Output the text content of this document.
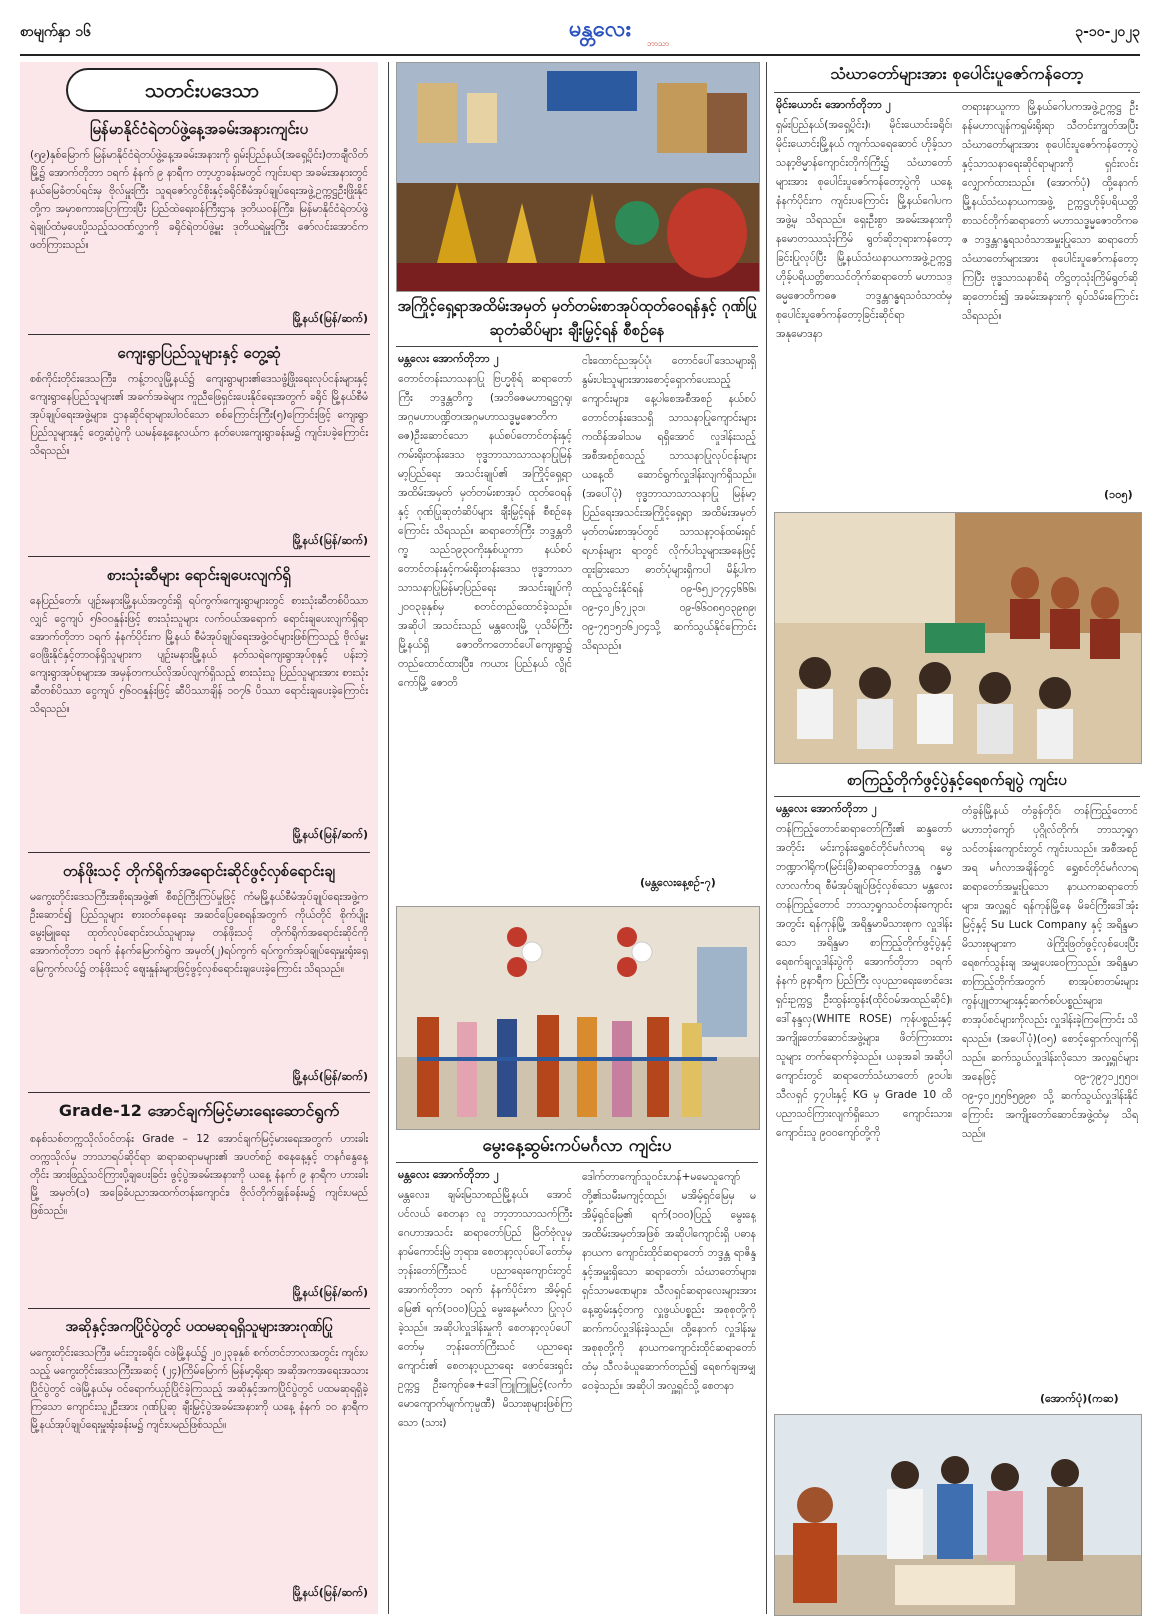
စာမျက်နှာ ၁၆	မန္တလေး
ဘာသာ
၃-၁၀-၂၀၂၃
သတင်းပဒေသာ
မြန်မာနိုင်ငံရဲတပ်ဖွဲ့နေ့အခမ်းအနားကျင်းပ
(၅၉)နှစ်မြောက် မြန်မာနိုင်ငံရဲတပ်ဖွဲ့နေ့အခမ်းအနားကို ရှမ်းပြည်နယ်(အရှေ့ပိုင်း)တာချီလိတ်မြို့၌ အောက်တိုဘာ ၁ရက် နံနက် ၉ နာရီက တာ့ဟွာခန်းမတွင် ကျင်းပရာ အခမ်းအနားတွင် နယ်မြေခံတပ်ရင်းမှ ဗိုလ်မှူးကြီး သူရဇော်လွင်စိုးနှင့်ခရိုင်စီမံအုပ်ချုပ်ရေးအဖွဲ့ဥက္ကဋ္ဌဦးဖြိုးနိုင်တို့က အမှာစကားပြောကြားပြီး ပြည်ထဲရေးဝန်ကြီးဌာန ဒုတိယဝန်ကြီး၊ မြန်မာနိုင်ငံရဲတပ်ဖွဲ့ ရဲချုပ်ထံမှပေးပို့သည့်သဝဏ်လွှာကို ခရိုင်ရဲတပ်ဖွဲ့မှူး ဒုတိယရဲမှူးကြီး ဇော်လင်းအောင်က ဖတ်ကြားသည်။
မြို့နယ်(မြန်/ဆက်)
ကျေးရွာပြည်သူများနှင့် တွေ့ဆုံ
စစ်ကိုင်းတိုင်းဒေသကြီး၊ ကန့်ဘလူမြို့နယ်၌ ကျေးရွာများ၏ဒေသဖွံ့ဖြိုးရေးလုပ်ငန်းများနှင့် ကျေးရွာနေပြည်သူများ၏ အခက်အခဲများ ကူညီဖြေရှင်းပေးနိုင်ရေးအတွက် ခရိုင် မြို့နယ်စီမံအုပ်ချုပ်ရေးအဖွဲ့များ၊ ဌာနဆိုင်ရာများပါဝင်သော စစ်ကြောင်းကြီး(၅)ကြောင်းဖြင့် ကျေးရွာပြည်သူများနှင့် တွေ့ဆုံပွဲကို ယမန်နေ့နေ့လယ်က နတ်ပေးကျေးရွာခန်းမ၌ ကျင်းပခဲ့ကြောင်း သိရသည်။
မြို့နယ်(မြန်/ဆက်)
စားသုံးဆီများ ရောင်းချပေးလျက်ရှိ
နေပြည်တော်၊ ပျဉ်းမနားမြို့နယ်အတွင်းရှိ ရပ်ကွက်၊ကျေးရွာများတွင် စားသုံးဆီတစ်ပိဿာလျှင် ငွေကျပ် ၅၆၀၀နှုန်းဖြင့် စားသုံးသူများ လက်ဝယ်အရောက် ရောင်းချပေးလျက်ရှိရာ အောက်တိုဘာ ၁ရက် နံနက်ပိုင်းက မြို့နယ် စီမံအုပ်ချုပ်ရေးအဖွဲ့ဝင်များဖြစ်ကြသည့် ဗိုလ်မှူးဝေဖြိုးနိုင်နှင့်တာဝန်ရှိသူများက ပျဉ်းမနားမြို့နယ် နတ်သရဲကျေးရွာအုပ်စုနှင့် ပန်းဘဲ့ကျေးရွာအုပ်စုများအ အမှန်တကယ်လိုအပ်လျက်ရှိသည့် စားသုံးသူ ပြည်သူများအား စားသုံးဆီတစ်ပိဿာ ငွေကျပ် ၅၆၀၀နှုန်းဖြင့် ဆီပိဿာချိန် ၁၀၇၆ ပိဿာ ရောင်းချပေးခဲ့ကြောင်း သိရသည်။
မြို့နယ်(မြန်/ဆက်)
တန်ဖိုးသင့် တိုက်ရိုက်အရောင်းဆိုင်ဖွင့်လှစ်ရောင်းချ
မကွေးတိုင်းဒေသကြီးအစိုးရအဖွဲ့၏ စီစဉ်ကြီးကြပ်မှုဖြင့် ကံမမြို့နယ်စီမံအုပ်ချုပ်ရေးအဖွဲ့က ဦးဆောင်၍ ပြည်သူများ စားဝတ်နေရေး အဆင်ပြေစေရန်အတွက် ကိုယ်တိုင် စိုက်ပျိုးမွေးမြူရေး ထုတ်လုပ်ရောင်းဝယ်သူများမှ တန်ဖိုးသင့် တိုက်ရိုက်အရောင်းဆိုင်ကို အောက်တိုဘာ ၁ရက် နံနက်မြောက်ရွဲက အမှတ်(၂)ရပ်ကွက် ရပ်ကွက်အုပ်ချုပ်ရေးမှူးရုံးရှေ့ မြေကွက်လပ်၌ တန်ဖိုးသင့် ဈေးနှုန်းများဖြင့်ဖွင့်လှစ်ရောင်းချပေးခဲ့ကြောင်း သိရသည်။
မြို့နယ်(မြန်/ဆက်)
Grade-12 အောင်ချက်မြင့်မားရေးဆောင်ရွက်
စနစ်သစ်တက္ကသိုလ်ဝင်တန်း Grade – 12 အောင်ချက်မြင့်မားရေးအတွက် ဟားခါးတက္ကသိုလ်မှ ဘာသာရပ်ဆိုင်ရာ ဆရာဆရာမများ၏ အပတ်စဉ် စနေနေ့နှင့် တနင်္ဂနွေနေ့တိုင်း အားဖြည့်သင်ကြားပို့ချပေးခြင်း ဖွင့်ပွဲအခမ်းအနားကို ယနေ့ နံနက် ၉ နာရီက ဟားခါးမြို့ အမှတ်(၁) အခြေခံပညာအထက်တန်းကျောင်း၊ ဗိုလ်တိုက်ချွန်ခန်းမ၌ ကျင်းပမည်ဖြစ်သည်။
မြို့နယ်(မြန်/ဆက်)
အဆိုနှင့်အကပြိုင်ပွဲတွင် ပထမဆုရရှိသူများအားဂုဏ်ပြု
မကွေးတိုင်းဒေသကြီး၊ မင်းဘူးခရိုင်၊ ငဖဲမြို့နယ်၌ ၂၀၂၃ခုနှစ် စက်တင်ဘာလအတွင်း ကျင်းပသည့် မကွေးတိုင်းဒေသကြီးအဆင့် (၂၄)ကြိမ်မြောက် မြန်မာ့ရိုးရာ အဆိုအကအရေးအသားပြိုင်ပွဲတွင် ငဖဲမြို့နယ်မှ ဝင်ရောက်ယှဉ်ပြိုင်ခဲ့ကြသည့် အဆိုနှင့်အကပြိုင်ပွဲတွင် ပထမဆုရရှိခဲ့ကြသော ကျောင်းသူ၂ဦးအား ဂုဏ်ပြုဆု ချီးမြှင့်ပွဲအခမ်းအနားကို ယနေ့ နံနက် ၁၀ နာရီက မြို့နယ်အုပ်ချုပ်ရေးမှူးရုံးခန်းမ၌ ကျင်းပမည်ဖြစ်သည်။
မြို့နယ်(မြန်/ဆက်)
အကြိုင့်ရှေ့ရာအထိမ်းအမှတ် မှတ်တမ်းစာအုပ်ထုတ်ဝေရန်နှင့် ဂုဏ်ပြုဆုတံဆိပ်များ ချီးမြှင့်ရန် စီစဉ်နေ
မန္တလေး အောက်တိုဘာ ၂
တောင်တန်းသာသနာပြု ဗြဟ္မစိုရ် ဆရာတော်ကြီး ဘဒ္ဒန္တတိက္ခ (အဘိဓဇမဟာရဋ္ဌဂုရု၊ အဂ္ဂမဟာပဏ္ဍိတ၊အဂ္ဂမဟာသဒ္ဓမ္မဇောတိက ဓဇ)ဦးဆောင်သော နယ်စပ်တောင်တန်းနှင့်ကမ်းရိုးတန်းဒေသ ဗုဒ္ဓဘာသာသာသနာပြုမြန်မာ့ပြည်ရေး အသင်းချုပ်၏ အကြိုင့်ရှေ့ရာ အထိမ်းအမှတ် မှတ်တမ်းစာအုပ် ထုတ်ဝေရန်နှင့် ဂုဏ်ပြုဆုတံဆိပ်များ ချီးမြှင့်ရန် စီစဉ်နေကြောင်း သိရသည်။ ဆရာတော်ကြီး ဘဒ္ဒန္တတိက္ခ သည်၁၉၃၀ကိုးနှစ်ယူကာ နယ်စပ်တောင်တန်းနှင့်ကမ်းရိုးတန်းဒေသ ဗုဒ္ဓဘာသာ သာသနာပြုမြန်မာ့ပြည်ရေး အသင်းချုပ်ကို ၂၀၀၃ခုနှစ်မှ စတင်တည်ထောင်ခဲ့သည်။ အဆိုပါ အသင်းသည် မန္တလေးမြို့ ပုသိမ်ကြီးမြို့နယ်ရှိ ဇောတိကတောင်ပေါ်ကျေးရွာ၌ တည်ထောင်ထားပြီး၊ ကယား ပြည်နယ် လွိုင်ကော်မြို့ ဇောတိ
ငါးထောင်ညအုပ်ပုံ၊ တောင်ပေါ်ဒေသများရှိ နွမ်းပါးသူများအားစောင့်ရှောက်ပေးသည့်ကျောင်းများ၊ နေ့ပါစေအစီအစဉ် နယ်စပ်တောင်တန်းဒေသရှိ သာသနာပြုကျောင်းများ ကထိန်အခါသမ ရရှိအောင် လှုဒါန်းသည့်အစီအစဉ်စသည့် သာသနာပြုလုပ်ငန်းများ ယနေ့ထိ ဆောင်ရွက်လှူဒါန်းလျက်ရှိသည်။ (အပေါ်ပုံ) ဗုဒ္ဓဘာသာသာသနာပြု မြန်မာ့ပြည်ရေးအသင်းအကြိုင့်ရှေ့ရာ အထိမ်းအမှတ် မှတ်တမ်းစာအုပ်တွင် သာသနာ့ဝန်ထမ်းရှင်ရဟန်းများ ရာတွင် လိုက်ပါသူများအနေဖြင့် ထူးခြားသော ဓာတ်ပုံများရှိကပါ မိန့်ပါက ထည့်သွင်းနိုင်ရန် ၀၉-၆၅၂၀၇၄၄၆၆၆၊ ၀၉-၄၀၂၆၇၂၃၁၊ ၀၉-၆၆၀၈၅၀၃၉၈၉၊ ၀၉-၇၅၁၅၁၆၂၀၄သို့ ဆက်သွယ်နိုင်ကြောင်း သိရသည်။
(မန္တလေးနေ့စဉ်-၇)
မွေးနေ့ဆွမ်းကပ်မင်္ဂလာ ကျင်းပ
မန္တလေး အောက်တိုဘာ ၂
မန္တလေး၊ ချမ်းမြသာစည်မြို့နယ်၊ အောင်ပင်လယ် စေတနာ လူ ဘာ့ဘာသာသက်ကြီးဂေဟာအသင်း ဆရာတော်ပြည် မြိတ်ဗုံလူမှနာမ်ကောင်းမြဲ ဘုရား၊ စေတနာ့လုပ်ပေါ်တော်မှ ဘုန်းတော်ကြီးသင် ပညာရေးကျောင်းတွင် အောက်တိုဘာ ၁ရက် နံနက်ပိုင်းက အိမ့်ရှင်မြေ၏ ရက်(၁၀၀)ပြည့် မွေးနေ့မင်္ဂလာ ပြုလုပ်ခဲ့သည်။ အဆိုပါလှူဒါန်းမှုကို စေတနာ့လုပ်ပေါ်တော်မှ ဘုန်းတော်ကြီးသင် ပညာရေးကျောင်း၏ စေတနာ့ပညာရေး ဖောင်ဒေးရှင်းဥက္ကဋ္ဌ ဦးကျော်ဇေ+ဒေါ်ကြူကြူမြင့်(လင်္ကာမောကျောက်မျက်ကုမ္ပဏီ) မိသားစုများဖြစ်ကြသော (သား)
ဒေါက်တာကျော်သူဝင်းဟန်+မမေသူကျော်တို့၏သမီးမကျင့်ထည်၊ မအိမ့်ရှင်မြေမှ မအိမ့်ရှင်မြေ၏ ရက်(၁၀၀)ပြည့် မွေးနေ့ အထိမ်းအမှတ်အဖြစ် အဆိုပါကျောင်းရှိ ပဓာနနာယက ကျောင်းထိုင်ဆရာတော် ဘဒ္ဒန္တ ရာဇိန္ဒနှင့်အမှူးရှိသော ဆရာတော်၊ သံဃာတော်များ၊ ရှင်သာမဏေများ၊ သီလရှင်ဆရာလေးများအား နေ့ဆွမ်းနှင့်တကွ လှူဖွယ်ပစ္စည်း အစုစုတို့ကို ဆက်ကပ်လှူဒါန်းခဲ့သည်။ ထို့နောက် လှူဒါန်းမှုအစုစုတို့ကို နာယကကျောင်းထိုင်ဆရာတော်ထံမှ သီလခံယူဆောက်တည်၍ ရေစက်ချအမျှဝေခဲ့သည်။ အဆိုပါ အလှူ့ရှင်သို့ စေတနာ
သံဃာတော်များအား စုပေါင်းပူဇော်ကန်တော့
မိုင်းယောင်း အောက်တိုဘာ ၂
ရှမ်းပြည်နယ်(အရှေ့ပိုင်း)၊ မိုင်းယောင်းခရိုင်၊ မိုင်းယောင်းမြို့နယ် ကျက်သရေဆောင် ဟိုခ့်သာသနာ့ဗိမ္မာန်ကျောင်းတိုက်ကြီး၌ သံဃာတော်များအား စုပေါင်းပူဇော်ကန်တော့ပွဲကို ယနေ့နံနက်ပိုင်းက ကျင်းပကြောင်း မြို့နယ်ဂေါပကအဖွဲ့မှ သိရသည်။ ရှေးဦးစွာ အခမ်းအနားကို နမောတဿသုံးကြိမ် ရွတ်ဆိုဘုရားကန်တော့ခြင်းပြုလုပ်ပြီး မြို့နယ်သံဃနာယကအဖွဲ့ဥက္ကဋ္ဌ ဟိုခ့်ပရိယတ္တိစာသင်တိုက်ဆရာတော် မဟာသဒ္ဓမ္မဇောတိကဓဇ ဘဒ္ဒန္တဂန္ဓရသဝံသာထံမှ စုပေါင်းပူဇော်ကန်တော့ခြင်းဆိုင်ရာ အနုမောဒနာ
တရားနာယူကာ မြို့နယ်ဂေါပကအဖွဲ့ဥက္ကဋ္ဌ ဦးနန်မဟာလျန်ကရှမ်းရိုးရာ သီတင်းကျွတ်အပြီးသံဃာတော်များအား စုပေါင်းပူဇော်ကန်တော့ပွဲနှင့်သာသနာရေးဆိုင်ရာများကို ရှင်းလင်းလျှောက်ထားသည်။ (အောက်ပုံ) ထို့နောက် မြို့နယ်သံဃနာယကအဖွဲ့ ဥက္ကဋ္ဌဟိုခ့်ပရိယတ္တိစာသင်တိုက်ဆရာတော် မဟာသဒ္ဓမ္မဇောတိကဓဇ ဘဒ္ဒန္တဂန္ဓရသဝံသာအမှူးပြုသော ဆရာတော်သံဃာတော်များအား စုပေါင်းပူဇော်ကန်တော့ကြပြီး ဗုဒ္ဓသာသနာစိရံ တိဋ္ဌတုသုံးကြိမ်ရွတ်ဆိုဆုတောင်း၍ အခမ်းအနားကို ရုပ်သိမ်းကြောင်း သိရသည်။
(၁၀၅)
စာကြည့်တိုက်ဖွင့်ပွဲနှင့်ရေစက်ချပွဲ ကျင်းပ
မန္တလေး အောက်တိုဘာ ၂
တန်ကြည့်တောင်ဆရာတော်ကြီး၏ ဆန္ဒတော်အတိုင်း မင်းကွန်းရွှေစင်တိုင်မင်္ဂလာရ မွေ့ဘဏ္ဍာဂါရိုက(မြင်းခြံ)ဆရာတော်ဘဒ္ဒန္တ ဂန္ဓမာလာလင်္ကာရ စီမံအုပ်ချုပ်ဖြင့်လှစ်သော မန္တလေးတန်ကြည့်တောင် ဘာသာ့ရှုဂသင်တန်းကျောင်းအတွင်း ရန်ကုန်မြို့ အရိန္ဒမာမိသားစုက လှူဒါန်းသော အရိန္ဒမာ စာကြည့်တိုက်ဖွင့်ပွဲနှင့် ရေစက်ချလှူဒါန်းပွဲကို အောက်တိုဘာ ၁ရက် နံနက် ၉နာရီက ပြည်ကြီး လုပညာရေးဖောင်ဒေးရှင်းဥက္ကဋ္ဌ ဦးထွန်းထွန်း(ထိုင်ဝမ်အထည်ဆိုင်)၊ ဒေါ်နန္ဒလှ(WHITE ROSE) ကုန်ပစ္စည်းနှင့်အကျိုးတော်ဆောင်အဖွဲ့များ၊ ဖိတ်ကြားထားသူများ တက်ရောက်ခဲ့သည်။ ယခုအခါ အဆိုပါကျောင်းတွင် ဆရာတော်သံဃာတော် ၉၁ပါး၊ သီလရှင် ၄၇ပါးနှင့် KG မှ Grade 10 ထိပညာသင်ကြားလျက်ရှိသော ကျောင်းသား၊ ကျောင်းသူ ၉၀၀ကျော်တို့ကို
တံခွန်မြို့နယ် တံခွန်တိုင်၊ တန်ကြည့်တောင်မဟာဘုံကျော် ပုဂ္ဂိုလ်တိုက်၊ ဘာသာ့ရှုဂသင်တန်းကျောင်းတွင် ကျင်းပသည်။ အစီအစဉ်အရ မင်္ဂလာအချိန်တွင် ရွှေစင်တိုင်မင်္ဂလာရဆရာတော်အမှူးပြုသော နာယကဆရာတော်များ၊ အလှူ့ရှင် ရန်ကုန်မြို့နေ မိခင်ကြီးဒေါ်အုံးမြင့်နှင့် Su Luck Company နှင့် အရိန္ဒမာမိသားစုများက ဖဲကြိုးဖြတ်ဖွင့်လှစ်ပေးပြီး ရေစက်သွန်းချ အမျှပေးဝေကြသည်။ အရိန္ဒမာစာကြည့်တိုက်အတွက် စာအုပ်စာတမ်းများ ကွန်ပျူတာများနှင့်ဆက်စပ်ပစ္စည်းများ၊ စာအုပ်စင်များကိုလည်း လှူဒါန်းခဲ့ကြကြောင်း သိရသည်။ (အပေါ်ပုံ)(ဝ၅) စောင့်ရှောက်လျက်ရှိသည်။ ဆက်သွယ်လှူဒါန်းလိုသော အလှူ့ရှင်များအနေဖြင့် ၀၉-၇၉၇၁၂၅၅၀၊ ၀၉-၄၀၂၅၅၆၅၉၉၈ သို့ ဆက်သွယ်လှူဒါန်းနိုင်ကြောင်း အကျိုးတော်ဆောင်အဖွဲ့ထံမှ သိရသည်။
(အောက်ပုံ)(ကဆ)
